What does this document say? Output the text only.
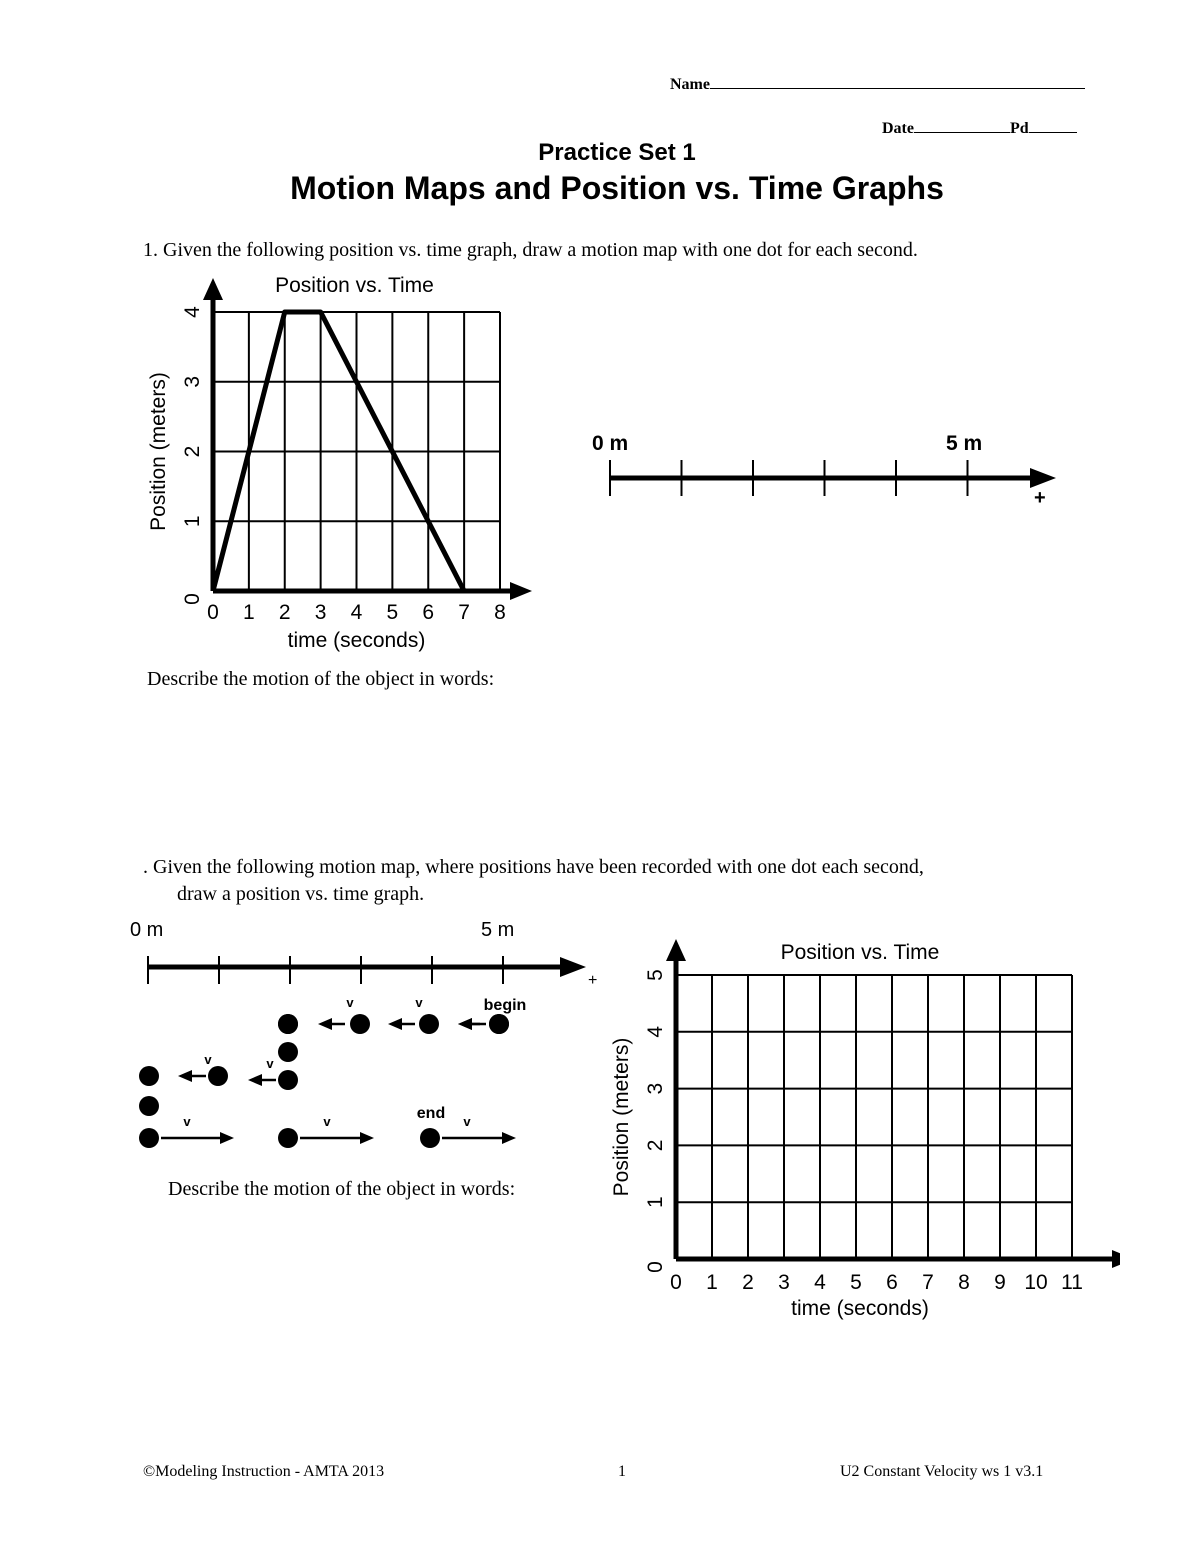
Name
Date	Pd
Practice Set 1
Motion Maps and Position vs. Time Graphs
1. Given the following position vs. time graph, draw a motion map with one dot for each second.
Position vs. Time
0 1 2 3 4 5 6 7 8
0
1
2
3
4
time (seconds)
Position (meters)	0 m	5 m
+
Describe the motion of the object in words:
. Given the following motion map, where positions have been recorded with one dot each second,
draw a position vs. time graph.
0 m	5 m
+
v	v	begin
v
v
v	v	v
end
Describe the motion of the object in words:
Position vs. Time
0 1 2 3 4 5 6 7 8 9 10 11
0
1
2
3
4
5
time (seconds)
Position (meters)
©Modeling Instruction - AMTA 2013	1	U2 Constant Velocity ws 1 v3.1
